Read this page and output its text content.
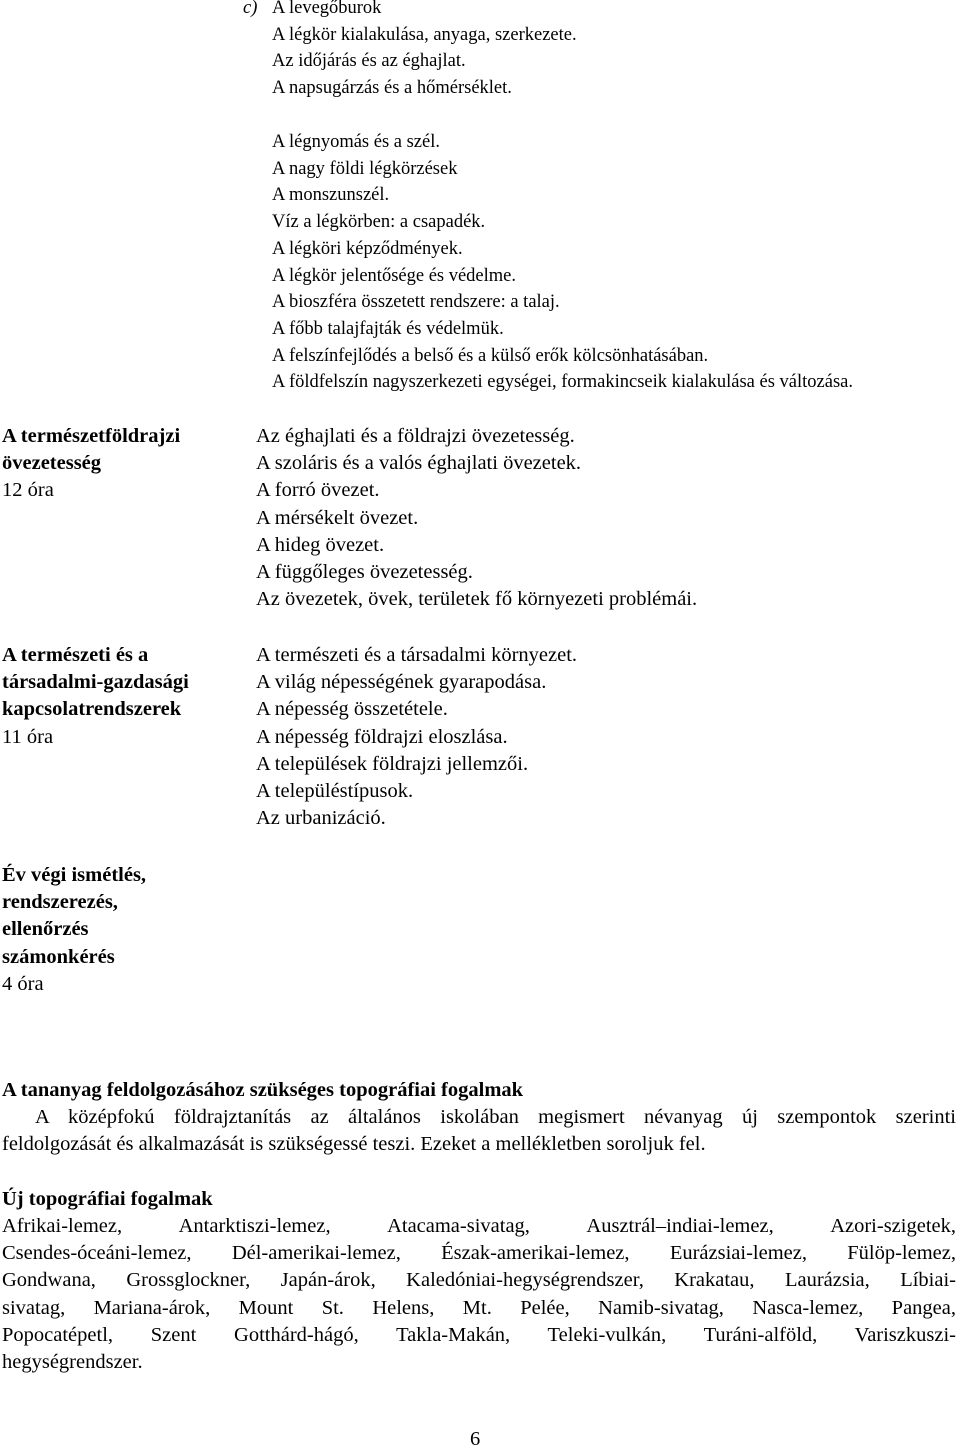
c) A levegőburok
A légkör kialakulása, anyaga, szerkezete.
Az időjárás és az éghajlat.
A napsugárzás és a hőmérséklet.
A légnyomás és a szél.
A nagy földi légkörzések
A monszunszél.
Víz a légkörben: a csapadék.
A légköri képződmények.
A légkör jelentősége és védelme.
A bioszféra összetett rendszere: a talaj.
A főbb talajfajták és védelmük.
A felszínfejlődés a belső és a külső erők kölcsönhatásában.
A földfelszín nagyszerkezeti egységei, formakincseik kialakulása és változása.
A természetföldrajzi
övezetesség
12 óra
Az éghajlati és a földrajzi övezetesség.
A szoláris és a valós éghajlati övezetek.
A forró övezet.
A mérsékelt övezet.
A hideg övezet.
A függőleges övezetesség.
Az övezetek, övek, területek fő környezeti problémái.
A természeti és a
társadalmi-gazdasági
kapcsolatrendszerek
11 óra
A természeti és a társadalmi környezet.
A világ népességének gyarapodása.
A népesség összetétele.
A népesség földrajzi eloszlása.
A települések földrajzi jellemzői.
A településtípusok.
Az urbanizáció.
Év végi ismétlés,
rendszerezés,
ellenőrzés
számonkérés
4 óra
A tananyag feldolgozásához szükséges topográfiai fogalmak
A középfokú földrajztanítás az általános iskolában megismert névanyag új szempontok szerinti
feldolgozását és alkalmazását is szükségessé teszi. Ezeket a mellékletben soroljuk fel.
Új topográfiai fogalmak
Afrikai-lemez, Antarktiszi-lemez, Atacama-sivatag, Ausztrál–indiai-lemez, Azori-szigetek,
Csendes-óceáni-lemez, Dél-amerikai-lemez, Észak-amerikai-lemez, Eurázsiai-lemez, Fülöp-lemez,
Gondwana, Grossglockner, Japán-árok, Kaledóniai-hegységrendszer, Krakatau, Laurázsia, Líbiai-
sivatag, Mariana-árok, Mount St. Helens, Mt. Pelée, Namib-sivatag, Nasca-lemez, Pangea,
Popocatépetl, Szent Gotthárd-hágó, Takla-Makán, Teleki-vulkán, Turáni-alföld, Variszkuszi-
hegységrendszer.
6
